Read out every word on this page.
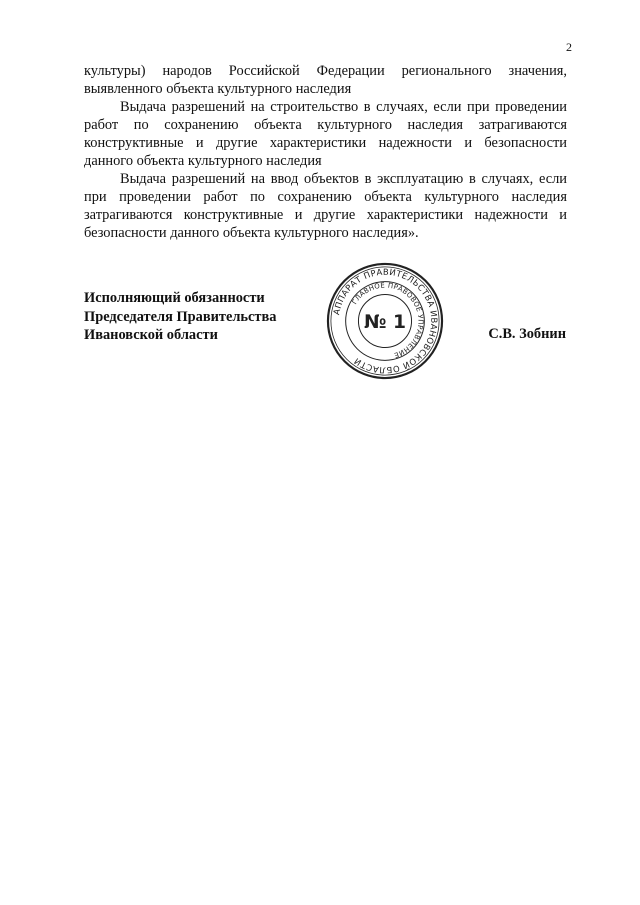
2

культуры) народов Российской Федерации регионального значения, выявленного объекта культурного наследия

Выдача разрешений на строительство в случаях, если при проведении работ по сохранению объекта культурного наследия затрагиваются конструктивные и другие характеристики надежности и безопасности данного объекта культурного наследия

Выдача разрешений на ввод объектов в эксплуатацию в случаях, если при проведении работ по сохранению объекта культурного наследия затрагиваются конструктивные и другие характеристики надежности и безопасности данного объекта культурного наследия».

Исполняющий обязанности
Председателя Правительства
Ивановской области	С.В. Зобнин
АППАРАТ ПРАВИТЕЛЬСТВА ИВАНОВСКОЙ ОБЛАСТИ
ГЛАВНОЕ ПРАВОВОЕ УПРАВЛЕНИЕ
№ 1
